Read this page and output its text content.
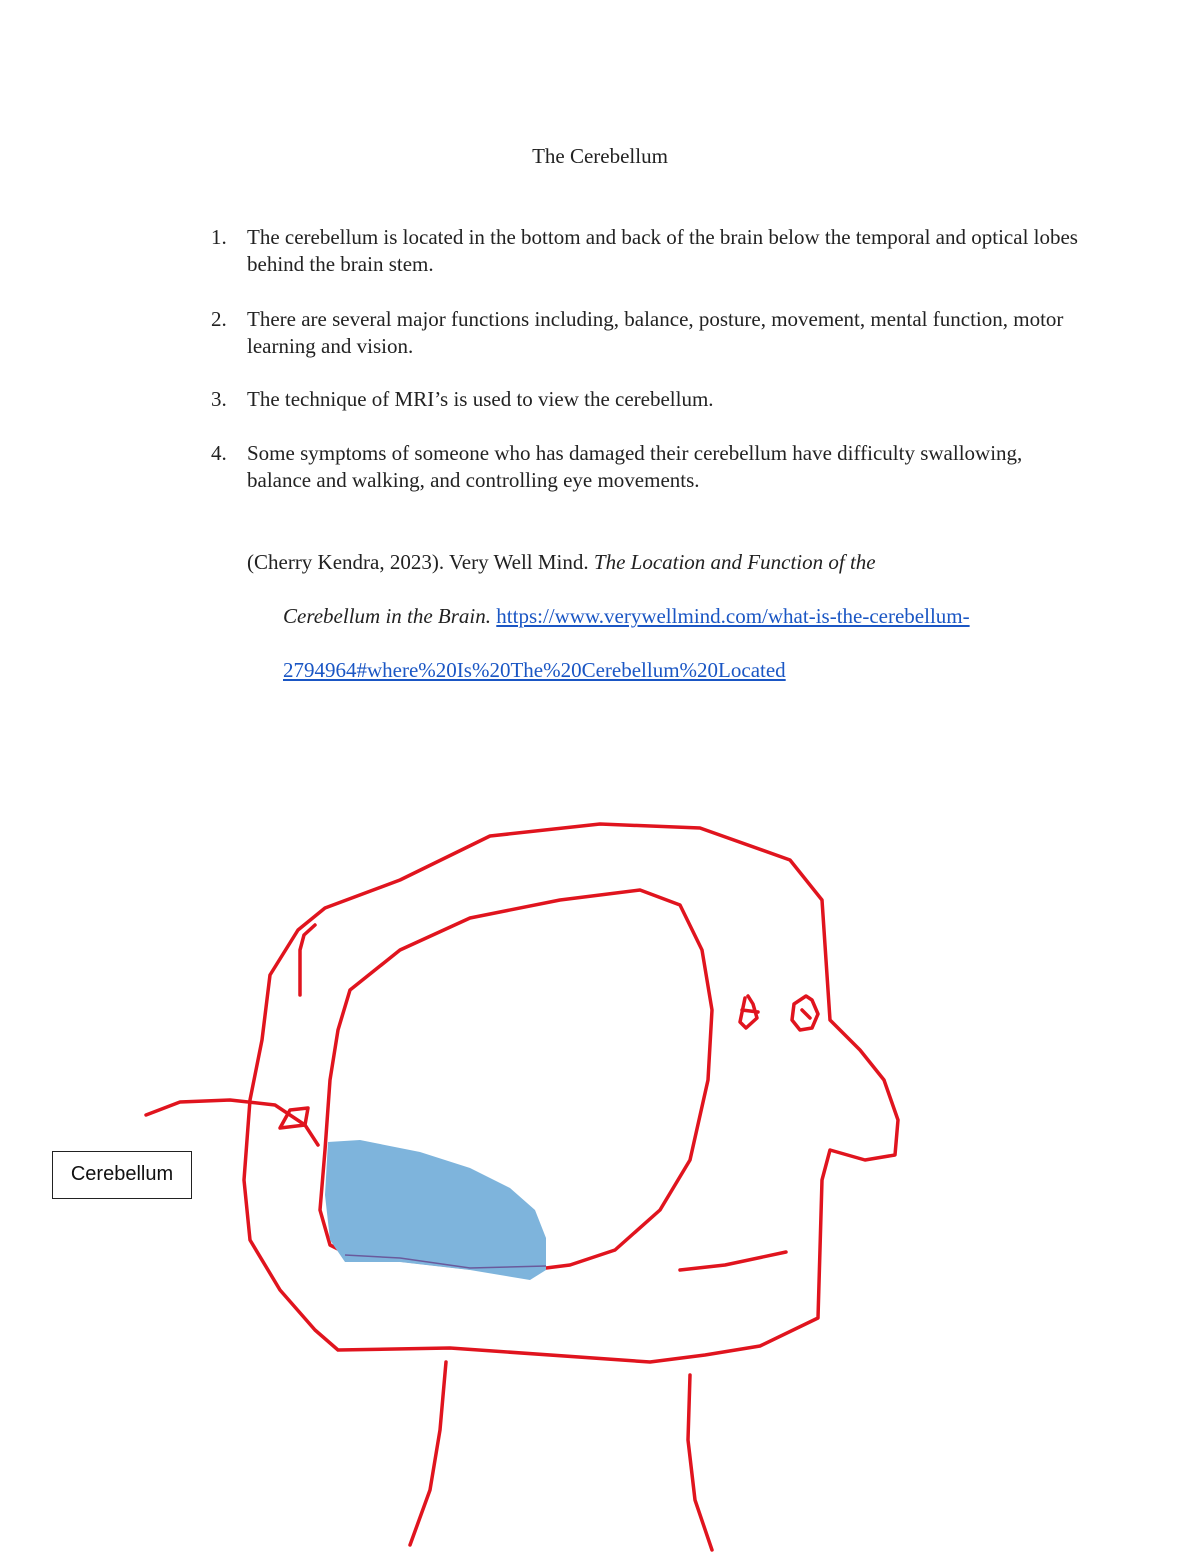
The Cerebellum
1. The cerebellum is located in the bottom and back of the brain below the temporal and optical lobes behind the brain stem.
2. There are several major functions including, balance, posture, movement, mental function, motor learning and vision.
3. The technique of MRI’s is used to view the cerebellum.
4. Some symptoms of someone who has damaged their cerebellum have difficulty swallowing, balance and walking, and controlling eye movements.
(Cherry Kendra, 2023). Very Well Mind. The Location and Function of the
Cerebellum in the Brain. https://www.verywellmind.com/what-is-the-cerebellum-
2794964#where%20Is%20The%20Cerebellum%20Located
Cerebellum
